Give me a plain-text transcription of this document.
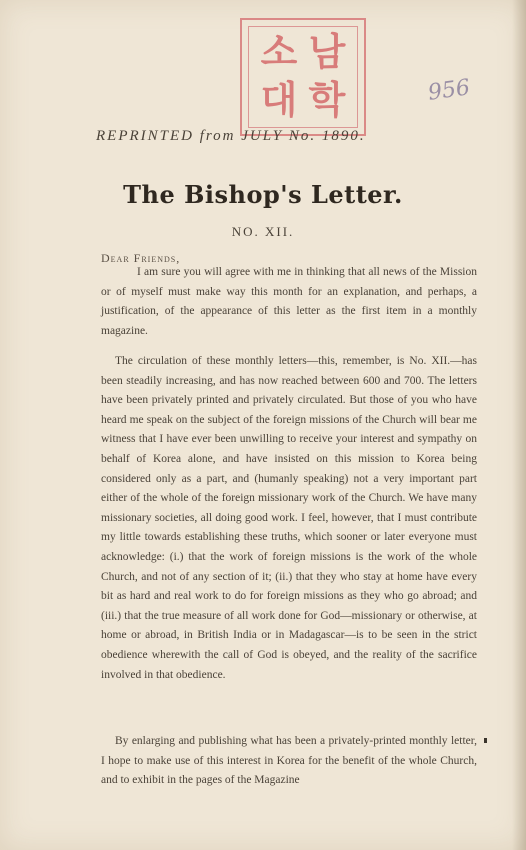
소 남
대 학	956
REPRINTED from JULY No. 1890.
The Bishop's Letter.
NO. XII.
Dear Friends,
I am sure you will agree with me in thinking that all news of the Mission or of myself must make way this month for an explanation, and perhaps, a justification, of the appearance of this letter as the first item in a monthly magazine.
The circulation of these monthly letters—this, remember, is No. XII.—has been steadily increasing, and has now reached between 600 and 700. The letters have been privately printed and privately circulated. But those of you who have heard me speak on the subject of the foreign missions of the Church will bear me witness that I have ever been unwilling to receive your interest and sympathy on behalf of Korea alone, and have insisted on this mission to Korea being considered only as a part, and (humanly speaking) not a very important part either of the whole of the foreign missionary work of the Church. We have many missionary societies, all doing good work. I feel, however, that I must contribute my little towards establishing these truths, which sooner or later everyone must acknowledge: (i.) that the work of foreign missions is the work of the whole Church, and not of any section of it; (ii.) that they who stay at home have every bit as hard and real work to do for foreign missions as they who go abroad; and (iii.) that the true measure of all work done for God—missionary or otherwise, at home or abroad, in British India or in Madagascar—is to be seen in the strict obedience wherewith the call of God is obeyed, and the reality of the sacrifice involved in that obedience.
By enlarging and publishing what has been a privately-printed monthly letter, I hope to make use of this interest in Korea for the benefit of the whole Church, and to exhibit in the pages of the Magazine
